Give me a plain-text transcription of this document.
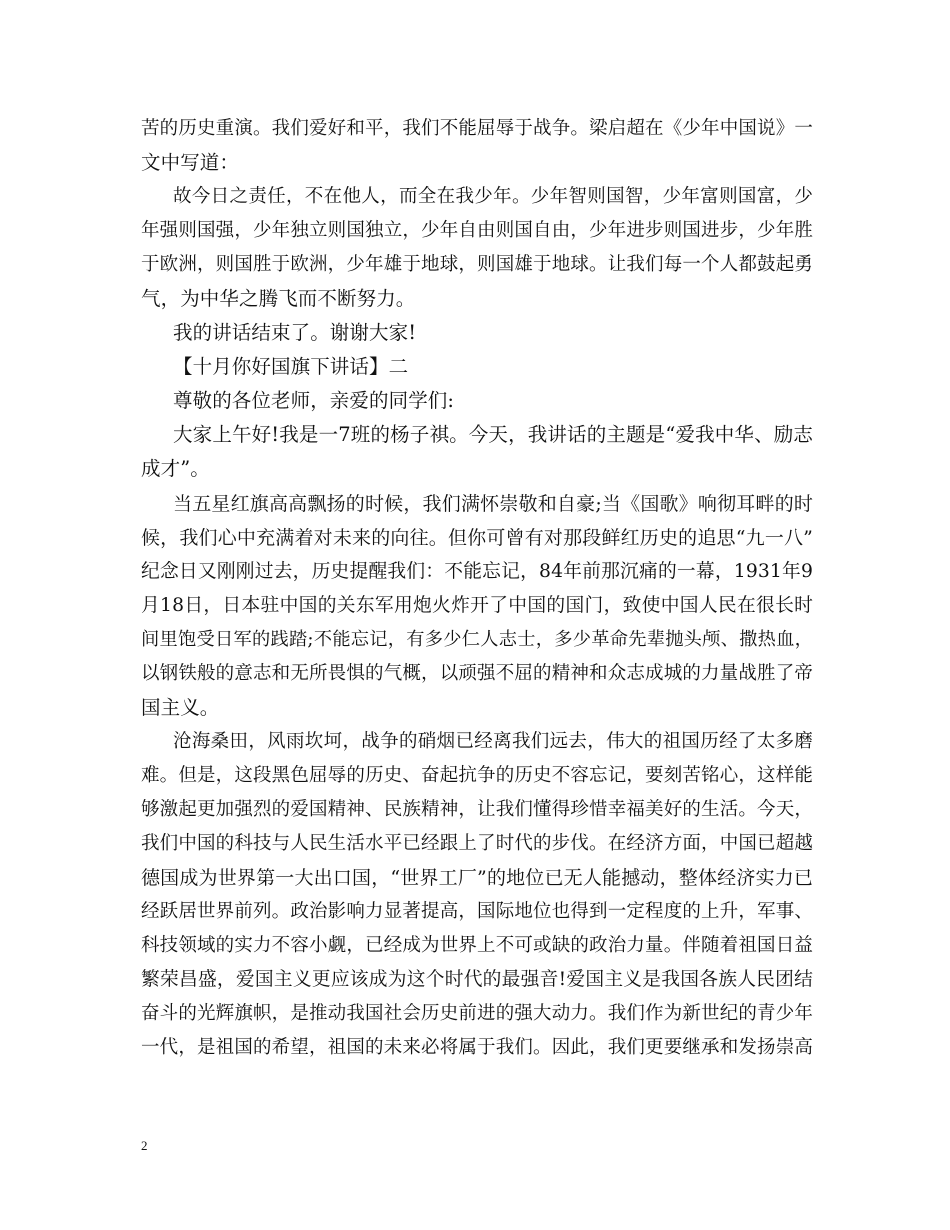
苦的历史重演。我们爱好和平，我们不能屈辱于战争。梁启超在《少年中国说》一
文中写道：
故今日之责任，不在他人，而全在我少年。少年智则国智，少年富则国富，少
年强则国强，少年独立则国独立，少年自由则国自由，少年进步则国进步，少年胜
于欧洲，则国胜于欧洲，少年雄于地球，则国雄于地球。让我们每一个人都鼓起勇
气，为中华之腾飞而不断努力。
我的讲话结束了。谢谢大家!
【十月你好国旗下讲话】二
尊敬的各位老师，亲爱的同学们:
大家上午好!我是一7班的杨子祺。今天，我讲话的主题是“爱我中华、励志
成才”。
当五星红旗高高飘扬的时候，我们满怀崇敬和自豪;当《国歌》响彻耳畔的时
候，我们心中充满着对未来的向往。但你可曾有对那段鲜红历史的追思“九一八”
纪念日又刚刚过去，历史提醒我们：不能忘记，84年前那沉痛的一幕，1931年9
月18日，日本驻中国的关东军用炮火炸开了中国的国门，致使中国人民在很长时
间里饱受日军的践踏;不能忘记，有多少仁人志士，多少革命先辈抛头颅、撒热血，
以钢铁般的意志和无所畏惧的气概，以顽强不屈的精神和众志成城的力量战胜了帝
国主义。
沧海桑田，风雨坎坷，战争的硝烟已经离我们远去，伟大的祖国历经了太多磨
难。但是，这段黑色屈辱的历史、奋起抗争的历史不容忘记，要刻苦铭心，这样能
够激起更加强烈的爱国精神、民族精神，让我们懂得珍惜幸福美好的生活。今天，
我们中国的科技与人民生活水平已经跟上了时代的步伐。在经济方面，中国已超越
德国成为世界第一大出口国，“世界工厂”的地位已无人能撼动，整体经济实力已
经跃居世界前列。政治影响力显著提高，国际地位也得到一定程度的上升，军事、
科技领域的实力不容小觑，已经成为世界上不可或缺的政治力量。伴随着祖国日益
繁荣昌盛，爱国主义更应该成为这个时代的最强音!爱国主义是我国各族人民团结
奋斗的光辉旗帜，是推动我国社会历史前进的强大动力。我们作为新世纪的青少年
一代，是祖国的希望，祖国的未来必将属于我们。因此，我们更要继承和发扬崇高
2
